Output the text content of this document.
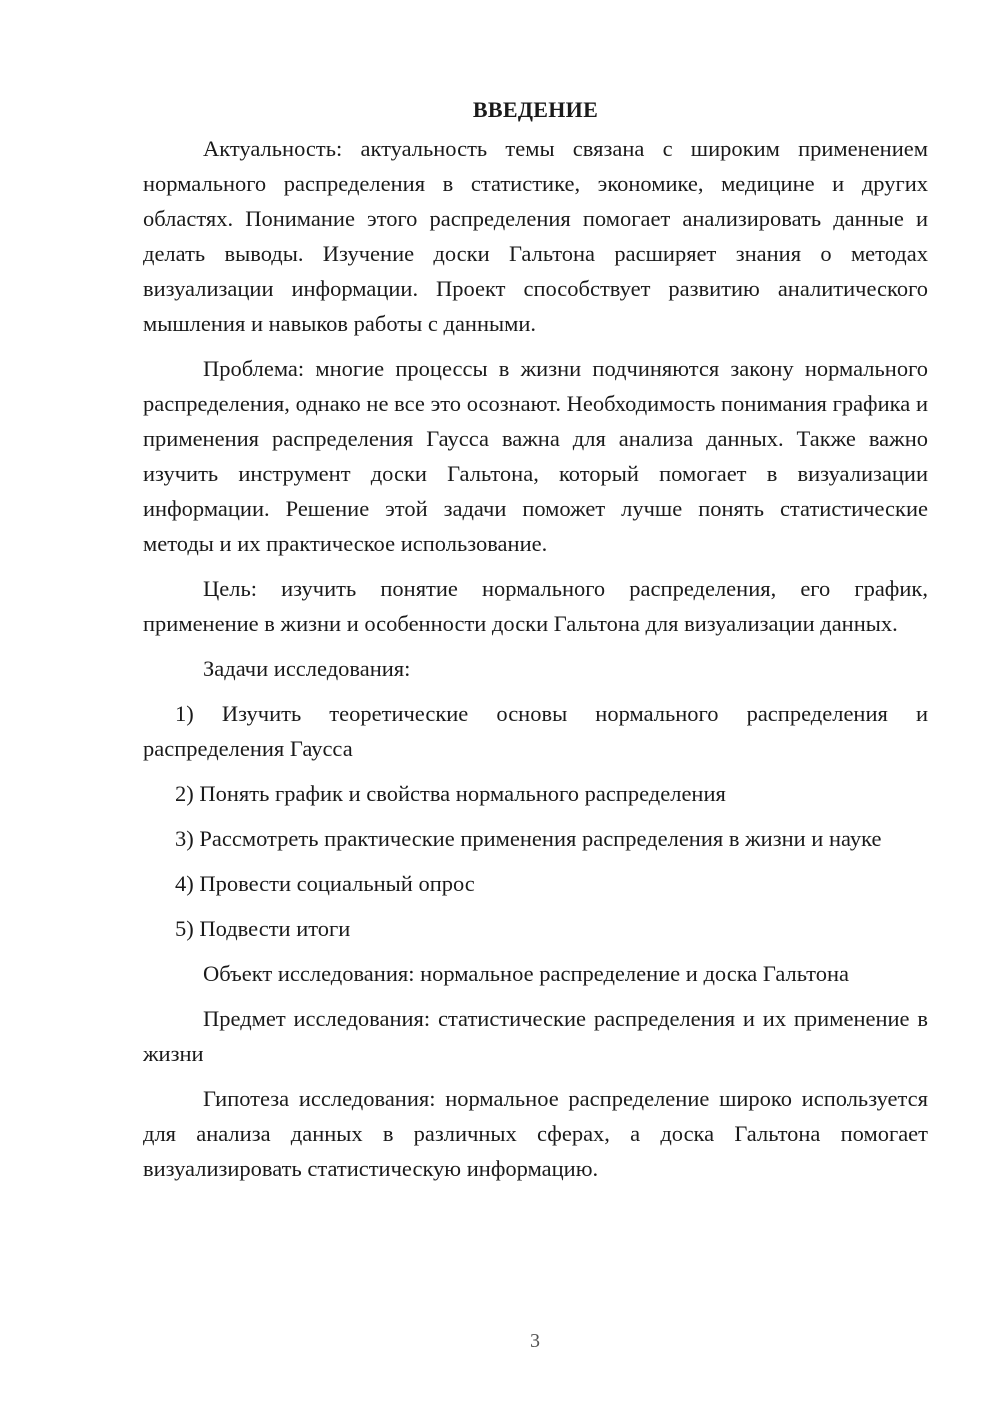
ВВЕДЕНИЕ

Актуальность: актуальность темы связана с широким применением нормального распределения в статистике, экономике, медицине и других областях. Понимание этого распределения помогает анализировать данные и делать выводы. Изучение доски Гальтона расширяет знания о методах визуализации информации. Проект способствует развитию аналитического мышления и навыков работы с данными.

Проблема: многие процессы в жизни подчиняются закону нормального распределения, однако не все это осознают. Необходимость понимания графика и применения распределения Гаусса важна для анализа данных. Также важно изучить инструмент доски Гальтона, который помогает в визуализации информации. Решение этой задачи поможет лучше понять статистические методы и их практическое использование.

Цель: изучить понятие нормального распределения, его график, применение в жизни и особенности доски Гальтона для визуализации данных.

Задачи исследования:

1) Изучить теоретические основы нормального распределения и распределения Гаусса

2) Понять график и свойства нормального распределения

3) Рассмотреть практические применения распределения в жизни и науке

4) Провести социальный опрос

5) Подвести итоги

Объект исследования: нормальное распределение и доска Гальтона

Предмет исследования: статистические распределения и их применение в жизни

Гипотеза исследования: нормальное распределение широко используется для анализа данных в различных сферах, а доска Гальтона помогает визуализировать статистическую информацию.

3
